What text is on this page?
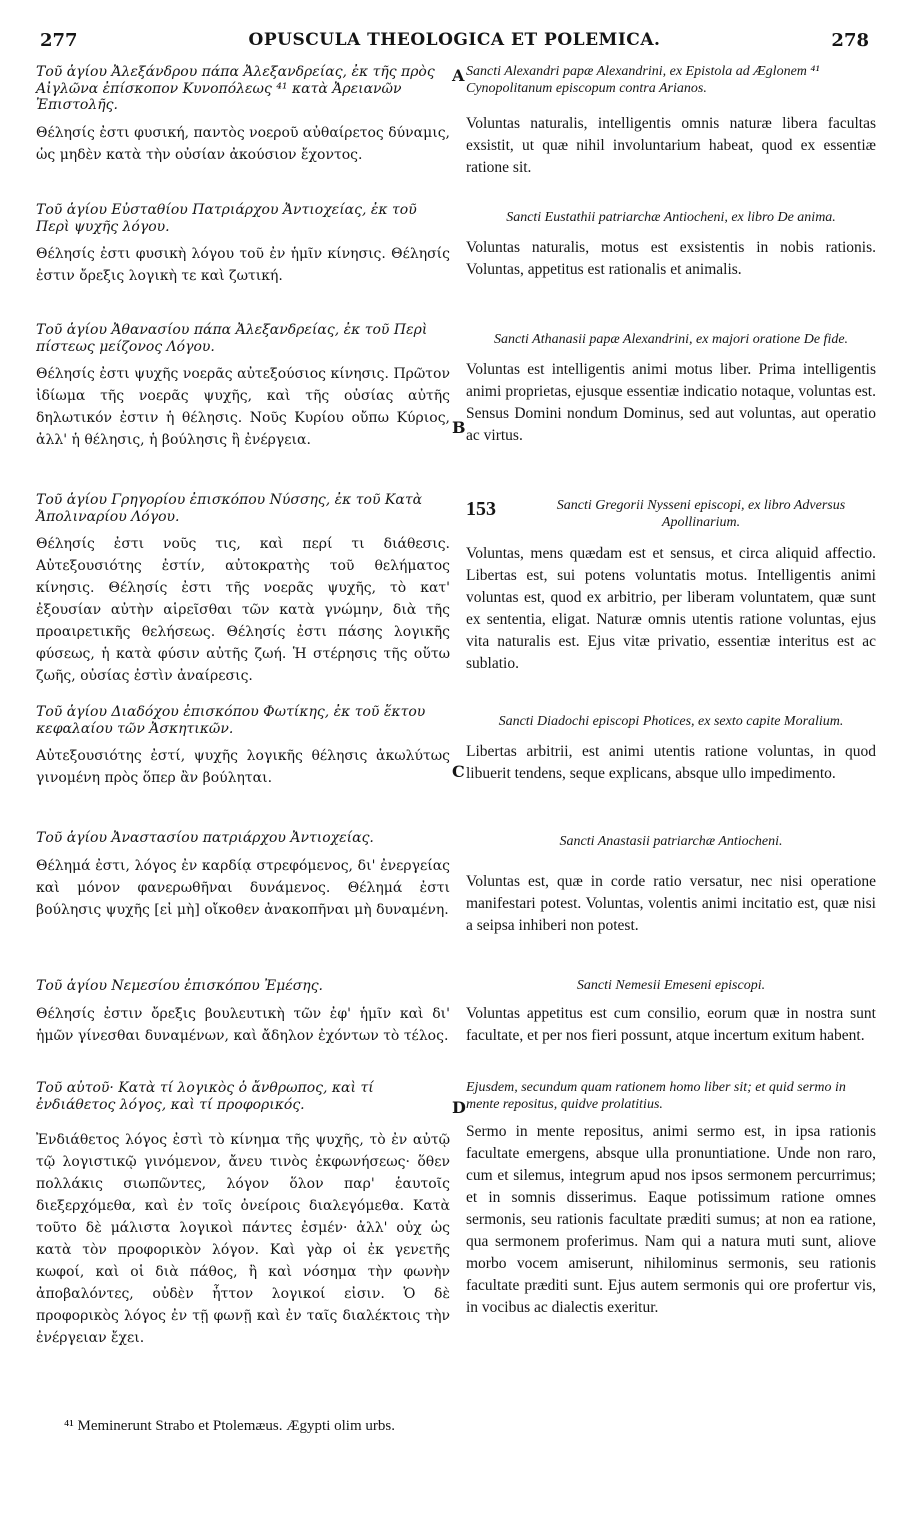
277	OPUSCULA THEOLOGICA ET POLEMICA.	278

Τοῦ ἁγίου Ἀλεξάνδρου πάπα Ἀλεξανδρείας, ἐκ τῆς πρὸς Αἰγλῶνα ἐπίσκοπον Κυνοπόλεως ⁴¹ κατὰ Ἀρειανῶν Ἐπιστολῆς.

Θέλησίς ἐστι φυσική, παντὸς νοεροῦ αὐθαίρετος δύναμις, ὡς μηδὲν κατὰ τὴν οὐσίαν ἀκούσιον ἔχοντος.

Τοῦ ἁγίου Εὐσταθίου Πατριάρχου Ἀντιοχείας, ἐκ τοῦ Περὶ ψυχῆς λόγου.

Θέλησίς ἐστι φυσικὴ λόγου τοῦ ἐν ἡμῖν κίνησις. Θέλησίς ἐστιν ὄρεξις λογικὴ τε καὶ ζωτική.

Τοῦ ἁγίου Ἀθανασίου πάπα Ἀλεξανδρείας, ἐκ τοῦ Περὶ πίστεως μείζονος Λόγου.

Θέλησίς ἐστι ψυχῆς νοερᾶς αὐτεξούσιος κίνησις. Πρῶτον ἰδίωμα τῆς νοερᾶς ψυχῆς, καὶ τῆς οὐσίας αὐτῆς δηλωτικόν ἐστιν ἡ θέλησις. Νοῦς Κυρίου οὔπω Κύριος, ἀλλ' ἡ θέλησις, ἡ βούλησις ἢ ἐνέργεια.

Τοῦ ἁγίου Γρηγορίου ἐπισκόπου Νύσσης, ἐκ τοῦ Κατὰ Ἀπολιναρίου Λόγου.

Θέλησίς ἐστι νοῦς τις, καὶ περί τι διάθεσις. Αὐτεξουσιότης ἐστίν, αὐτοκρατὴς τοῦ θελήματος κίνησις. Θέλησίς ἐστι τῆς νοερᾶς ψυχῆς, τὸ κατ' ἐξουσίαν αὐτὴν αἱρεῖσθαι τῶν κατὰ γνώμην, διὰ τῆς προαιρετικῆς θελήσεως. Θέλησίς ἐστι πάσης λογικῆς φύσεως, ἡ κατὰ φύσιν αὐτῆς ζωή. Ἡ στέρησις τῆς οὕτω ζωῆς, οὐσίας ἐστὶν ἀναίρεσις.

Τοῦ ἁγίου Διαδόχου ἐπισκόπου Φωτίκης, ἐκ τοῦ ἕκτου κεφαλαίου τῶν Ἀσκητικῶν.

Αὐτεξουσιότης ἐστί, ψυχῆς λογικῆς θέλησις ἀκωλύτως γινομένη πρὸς ὅπερ ἂν βούληται.

Τοῦ ἁγίου Ἀναστασίου πατριάρχου Ἀντιοχείας.

Θέλημά ἐστι, λόγος ἐν καρδίᾳ στρεφόμενος, δι' ἐνεργείας καὶ μόνον φανερωθῆναι δυνάμενος. Θέλημά ἐστι βούλησις ψυχῆς [εἰ μὴ] οἴκοθεν ἀνακοπῆναι μὴ δυναμένη.

Τοῦ ἁγίου Νεμεσίου ἐπισκόπου Ἐμέσης.

Θέλησίς ἐστιν ὄρεξις βουλευτικὴ τῶν ἐφ' ἡμῖν καὶ δι' ἡμῶν γίνεσθαι δυναμένων, καὶ ἄδηλον ἐχόντων τὸ τέλος.

Τοῦ αὐτοῦ· Κατὰ τί λογικὸς ὁ ἄνθρωπος, καὶ τί ἐνδιάθετος λόγος, καὶ τί προφορικός.

Ἐνδιάθετος λόγος ἐστὶ τὸ κίνημα τῆς ψυχῆς, τὸ ἐν αὐτῷ τῷ λογιστικῷ γινόμενον, ἄνευ τινὸς ἐκφωνήσεως· ὅθεν πολλάκις σιωπῶντες, λόγον ὅλον παρ' ἑαυτοῖς διεξερχόμεθα, καὶ ἐν τοῖς ὀνείροις διαλεγόμεθα. Κατὰ τοῦτο δὲ μάλιστα λογικοὶ πάντες ἐσμέν· ἀλλ' οὐχ ὡς κατὰ τὸν προφορικὸν λόγον. Καὶ γὰρ οἱ ἐκ γενετῆς κωφοί, καὶ οἱ διὰ πάθος, ἢ καὶ νόσημα τὴν φωνὴν ἀποβαλόντες, οὐδὲν ἧττον λογικοί εἰσιν. Ὁ δὲ προφορικὸς λόγος ἐν τῇ φωνῇ καὶ ἐν ταῖς διαλέκτοις τὴν ἐνέργειαν ἔχει.

A
B
C
D

Sancti Alexandri papæ Alexandrini, ex Epistola ad Æglonem ⁴¹ Cynopolitanum episcopum contra Arianos.

Voluntas naturalis, intelligentis omnis naturæ libera facultas exsistit, ut quæ nihil involuntarium habeat, quod ex essentiæ ratione sit.

Sancti Eustathii patriarchæ Antiocheni, ex libro De anima.

Voluntas naturalis, motus est exsistentis in nobis rationis. Voluntas, appetitus est rationalis et animalis.

Sancti Athanasii papæ Alexandrini, ex majori oratione De fide.

Voluntas est intelligentis animi motus liber. Prima intelligentis animi proprietas, ejusque essentiæ indicatio notaque, voluntas est. Sensus Domini nondum Dominus, sed aut voluntas, aut operatio ac virtus.

153	Sancti Gregorii Nysseni episcopi, ex libro Adversus Apollinarium.

Voluntas, mens quædam est et sensus, et circa aliquid affectio. Libertas est, sui potens voluntatis motus. Intelligentis animi voluntas est, quod ex arbitrio, per liberam voluntatem, quæ sunt ex sententia, eligat. Naturæ omnis utentis ratione voluntas, ejus vita naturalis est. Ejus vitæ privatio, essentiæ interitus est ac sublatio.

Sancti Diadochi episcopi Photices, ex sexto capite Moralium.

Libertas arbitrii, est animi utentis ratione voluntas, in quod libuerit tendens, seque explicans, absque ullo impedimento.

Sancti Anastasii patriarchæ Antiocheni.

Voluntas est, quæ in corde ratio versatur, nec nisi operatione manifestari potest. Voluntas, volentis animi incitatio est, quæ nisi a seipsa inhiberi non potest.

Sancti Nemesii Emeseni episcopi.

Voluntas appetitus est cum consilio, eorum quæ in nostra sunt facultate, et per nos fieri possunt, atque incertum exitum habent.

Ejusdem, secundum quam rationem homo liber sit; et quid sermo in mente repositus, quidve prolatitius.

Sermo in mente repositus, animi sermo est, in ipsa rationis facultate emergens, absque ulla pronuntiatione. Unde non raro, cum et silemus, integrum apud nos ipsos sermonem percurrimus; et in somnis disserimus. Eaque potissimum ratione omnes sermonis, seu rationis facultate præditi sumus; at non ea ratione, qua sermonem proferimus. Nam qui a natura muti sunt, aliove morbo vocem amiserunt, nihilominus sermonis, seu rationis facultate præditi sunt. Ejus autem sermonis qui ore profertur vis, in vocibus ac dialectis exeritur.

⁴¹ Meminerunt Strabo et Ptolemæus. Ægypti olim urbs.
